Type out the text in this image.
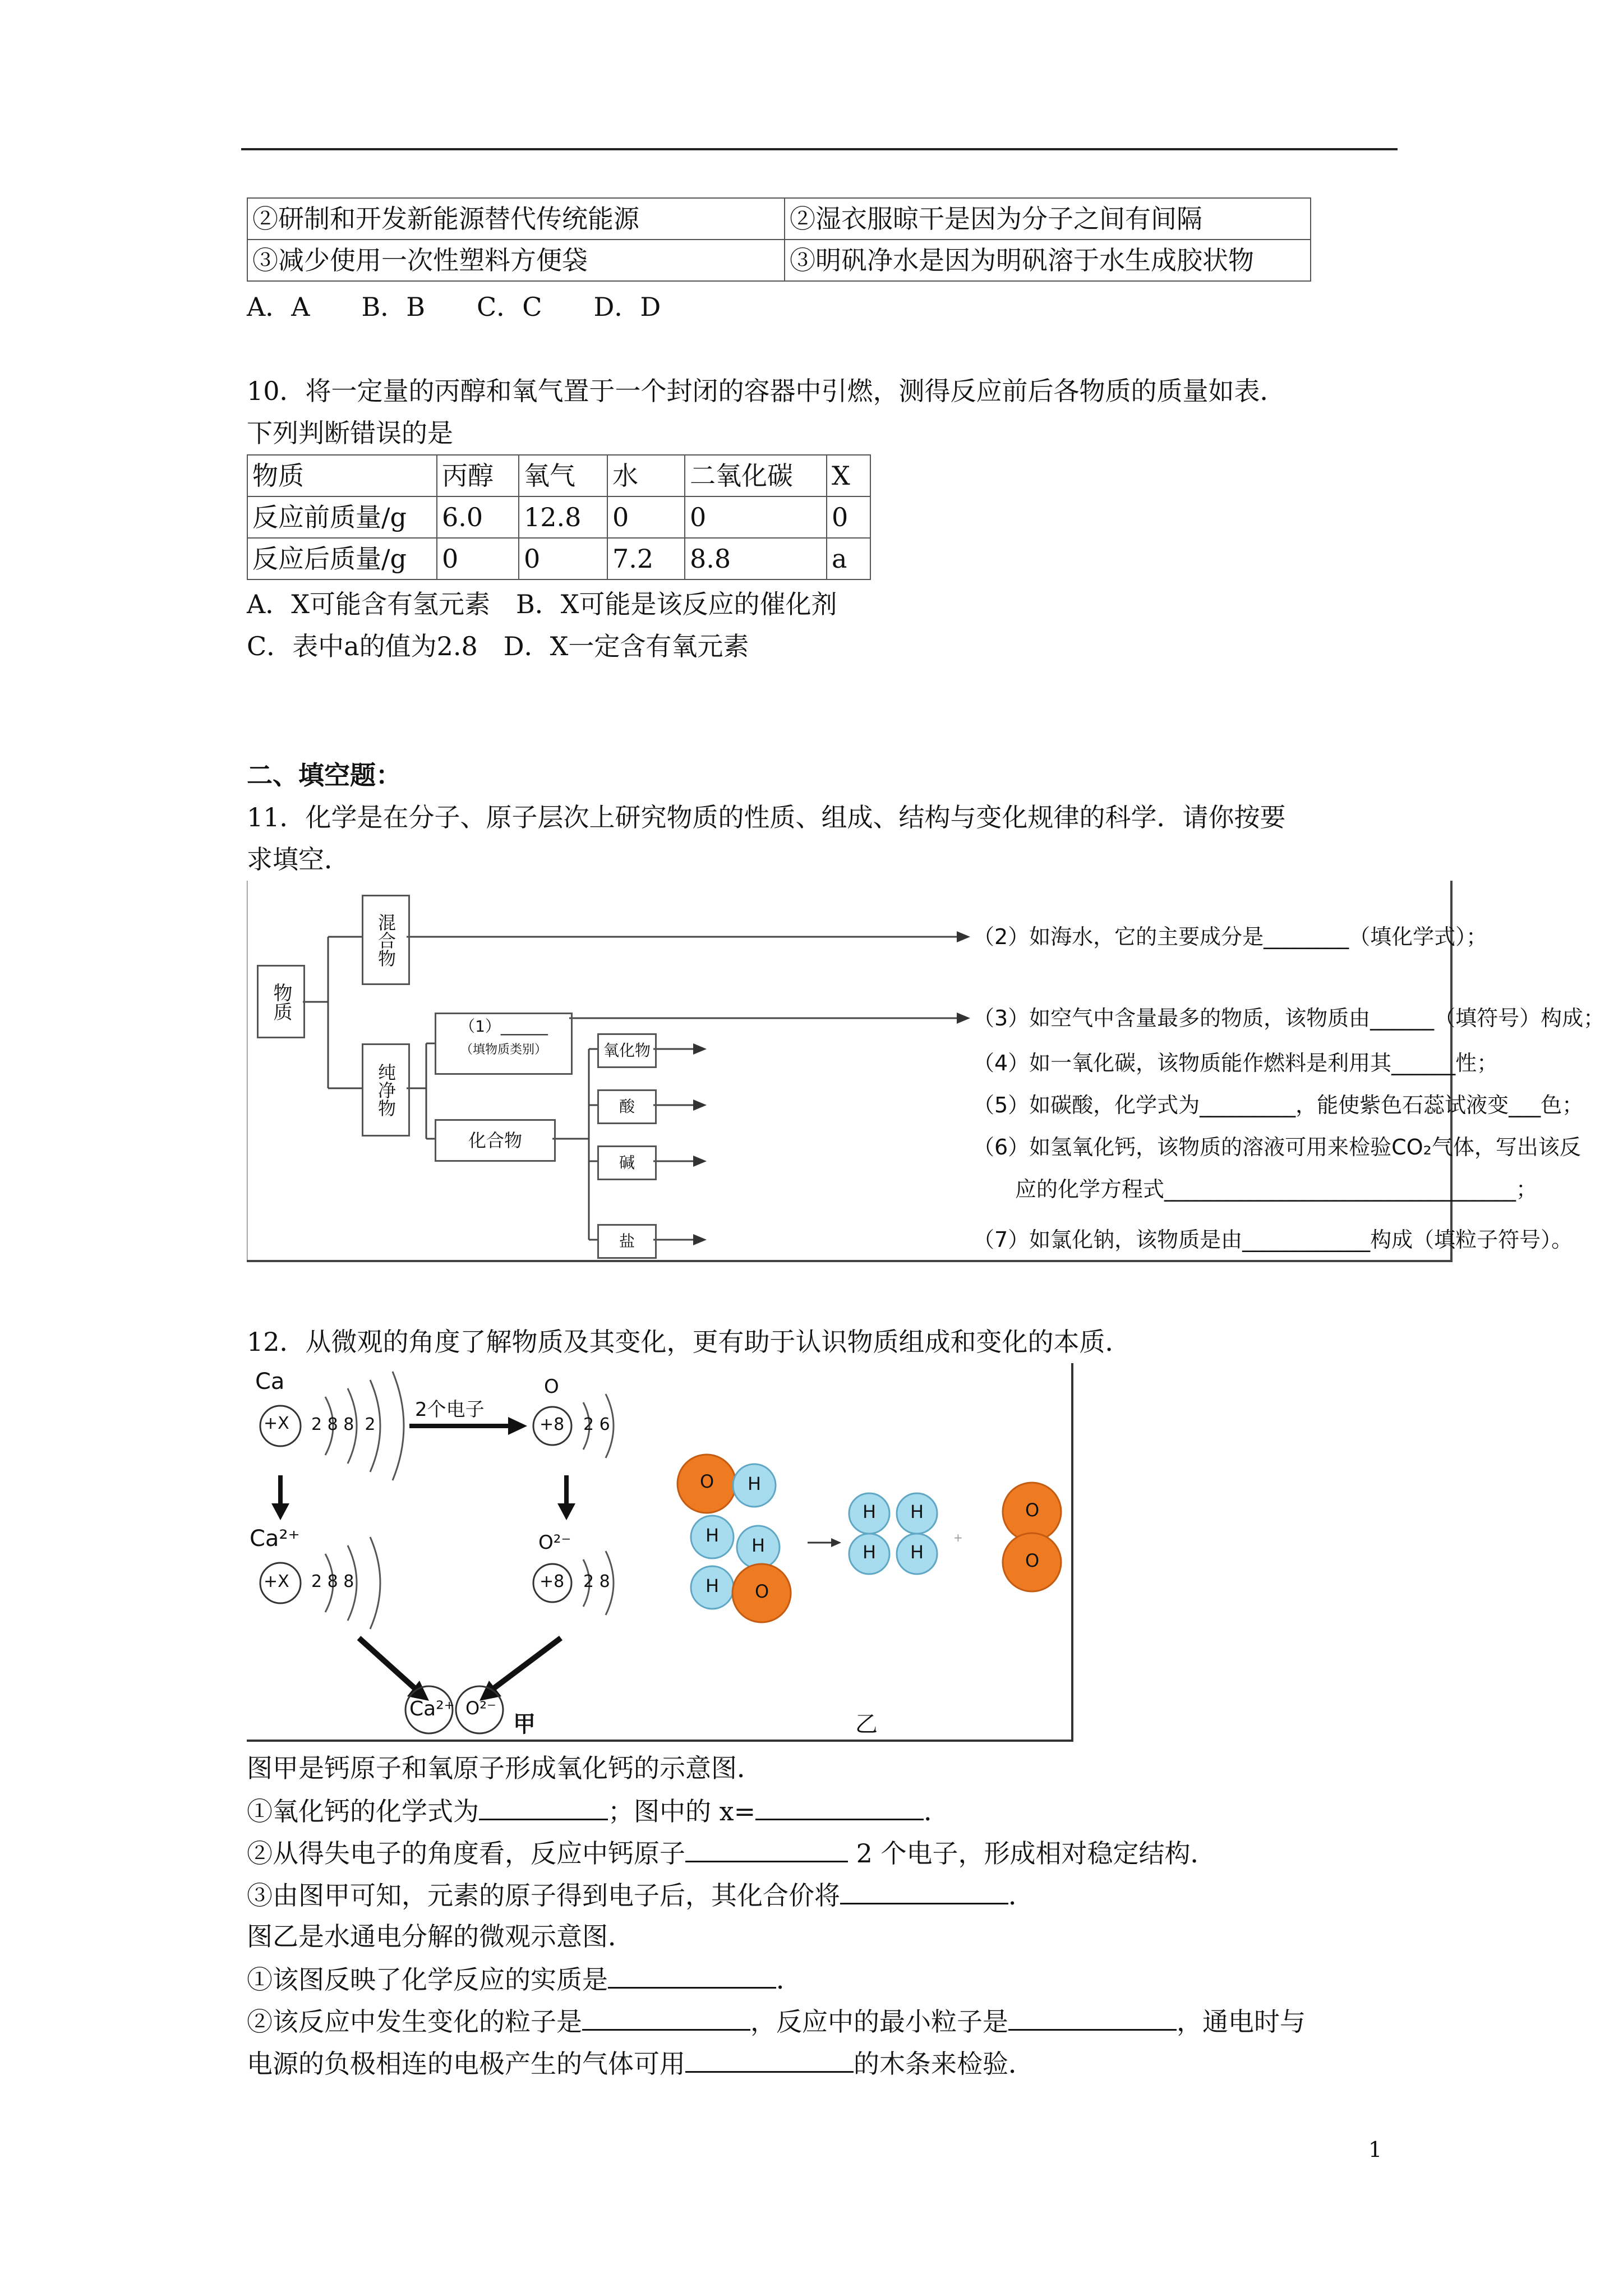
②研制和开发新能源替代传统能源	②湿衣服晾干是因为分子之间有间隔
③减少使用一次性塑料方便袋	③明矾净水是因为明矾溶于水生成胶状物
A．A　　B．B　　C．C　　D．D
10．将一定量的丙醇和氧气置于一个封闭的容器中引燃，测得反应前后各物质的质量如表．
下列判断错误的是
物质	丙醇	氧气	水	二氧化碳	X
反应前质量/g	6.0	12.8	0	0	0
反应后质量/g	0	0	7.2	8.8	a
A．X可能含有氢元素　B．X可能是该反应的催化剂
C．表中a的值为2.8　D．X一定含有氧元素
二、填空题：
11．化学是在分子、原子层次上研究物质的性质、组成、结构与变化规律的科学．请你按要
求填空．
物质
混合物
纯净物
（1）______
（填物质类别）
化合物
氧化物
酸
碱
盐
（2）如海水，它的主要成分是________（填化学式）；
（3）如空气中含量最多的物质，该物质由______（填符号）构成；
（4）如一氧化碳，该物质能作燃料是利用其______性；
（5）如碳酸，化学式为_________，能使紫色石蕊试液变___色；
（6）如氢氧化钙，该物质的溶液可用来检验CO₂气体，写出该反
应的化学方程式_________________________________；
（7）如氯化钠，该物质是由____________构成（填粒子符号）。
12．从微观的角度了解物质及其变化，更有助于认识物质组成和变化的本质．
+
Ca
+X 2 8 8  2
2个电子
O
+8 2 6
Ca²⁺
+X 2 8 8
O²⁻
+8 2 8
Ca²⁺ O²⁻
甲	乙
O H
H H
H O
H
H
H
H
O
O
图甲是钙原子和氧原子形成氧化钙的示意图．
①氧化钙的化学式为	；图中的 x=	．
②从得失电子的角度看，反应中钙原子	2 个电子，形成相对稳定结构．
③由图甲可知，元素的原子得到电子后，其化合价将	．
图乙是水通电分解的微观示意图．
①该图反映了化学反应的实质是	．
②该反应中发生变化的粒子是	，反应中的最小粒子是	，通电时与
电源的负极相连的电极产生的气体可用	的木条来检验．
1
